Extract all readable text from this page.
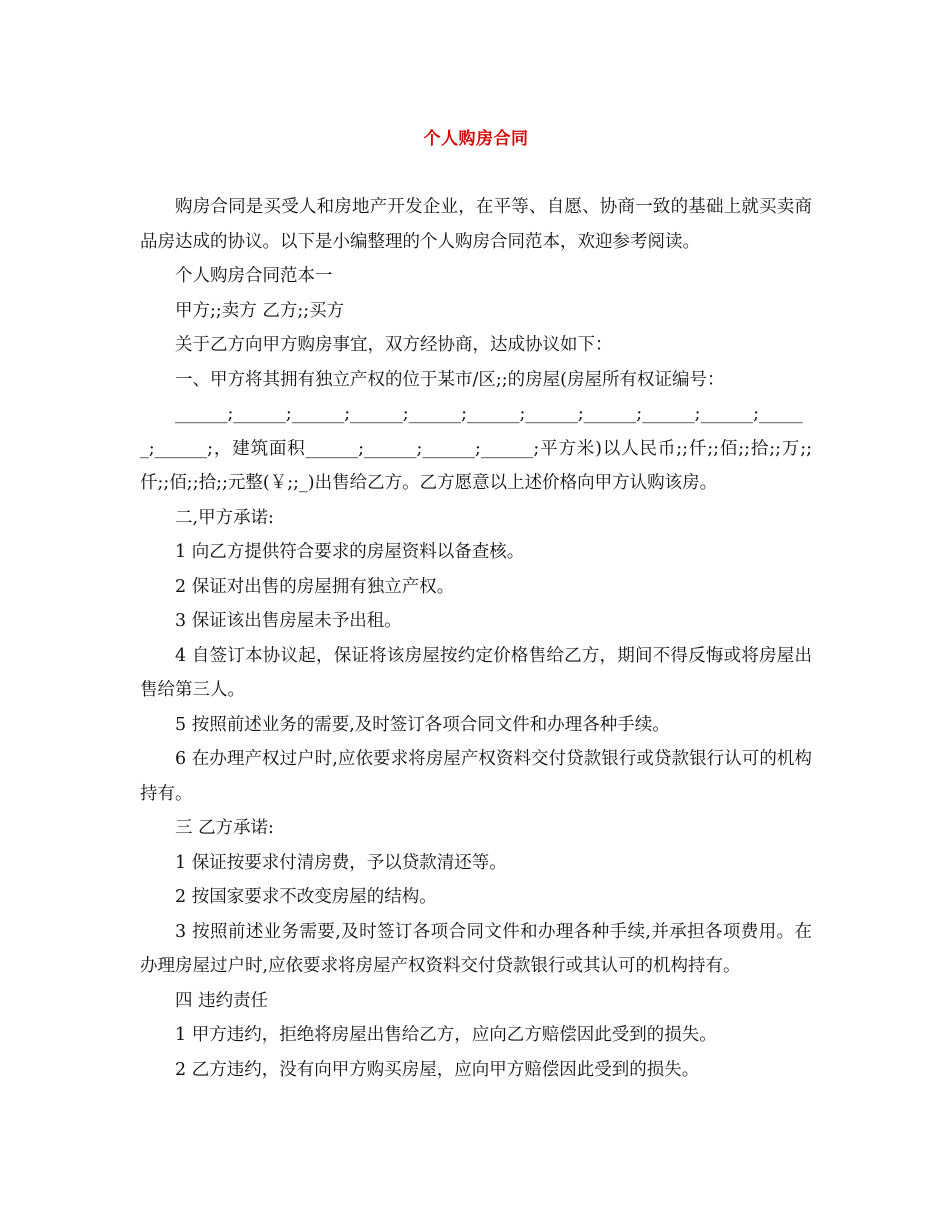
个人购房合同

购房合同是买受人和房地产开发企业，在平等、自愿、协商一致的基础上就买卖商品房达成的协议。以下是小编整理的个人购房合同范本，欢迎参考阅读。

个人购房合同范本一

甲方;;卖方 乙方;;买方

关于乙方向甲方购房事宜，双方经协商，达成协议如下：

一、甲方将其拥有独立产权的位于某市/区;;的房屋(房屋所有权证编号：

______;______;______;______;______;______;______;______;______;______;______;______;，建筑面积______;______;______;______;平方米)以人民币;;仟;;佰;;拾;;万;;仟;;佰;;拾;;元整(￥;;_)出售给乙方。乙方愿意以上述价格向甲方认购该房。

二,甲方承诺:

1 向乙方提供符合要求的房屋资料以备查核。

2 保证对出售的房屋拥有独立产权。

3 保证该出售房屋未予出租。

4 自签订本协议起，保证将该房屋按约定价格售给乙方，期间不得反悔或将房屋出售给第三人。

5 按照前述业务的需要,及时签订各项合同文件和办理各种手续。

6 在办理产权过户时,应依要求将房屋产权资料交付贷款银行或贷款银行认可的机构持有。

三 乙方承诺:

1 保证按要求付清房费，予以贷款清还等。

2 按国家要求不改变房屋的结构。

3 按照前述业务需要,及时签订各项合同文件和办理各种手续,并承担各项费用。在办理房屋过户时,应依要求将房屋产权资料交付贷款银行或其认可的机构持有。

四 违约责任

1 甲方违约，拒绝将房屋出售给乙方，应向乙方赔偿因此受到的损失。

2 乙方违约，没有向甲方购买房屋，应向甲方赔偿因此受到的损失。
